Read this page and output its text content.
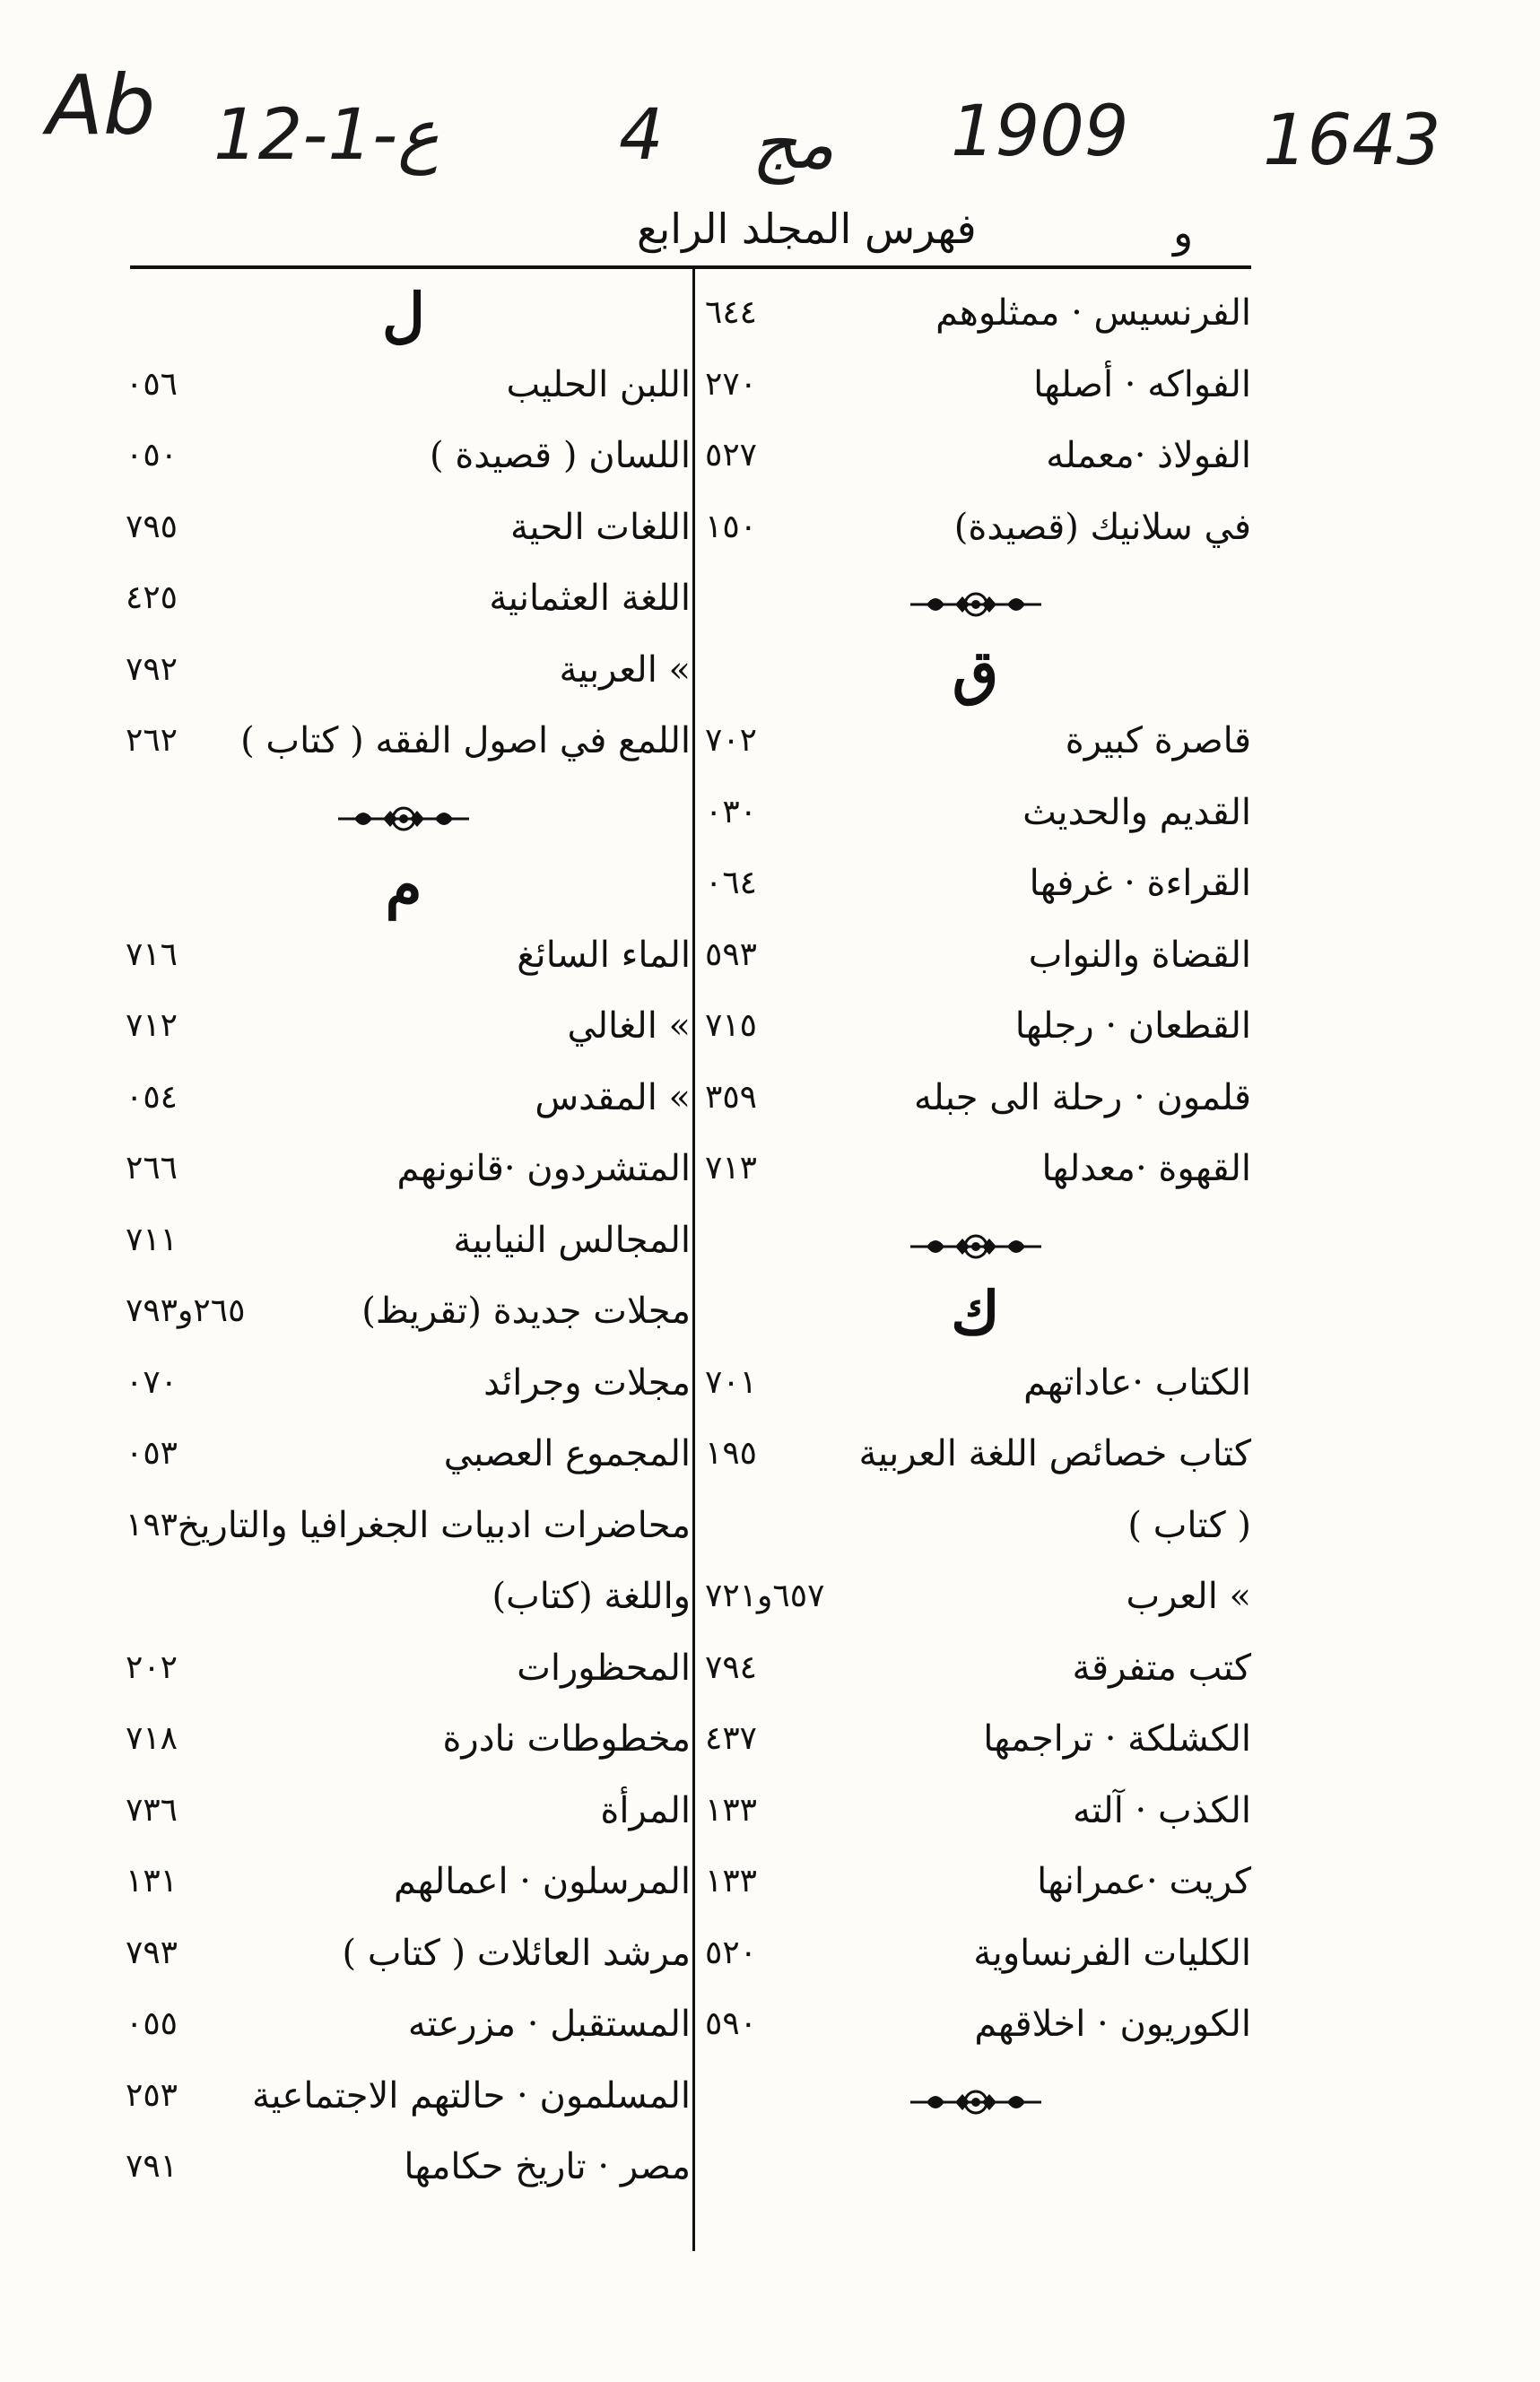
Ab 12-1-ع	4 مج 1909 1643
فهرس المجلد الرابع	و
الفرنسيس · ممثلوهم
٦٤٤
الفواكه · أصلها
٢٧٠
الفولاذ ·معمله
٥٢٧
في سلانيك (قصيدة)
١٥٠
ق
قاصرة كبيرة
٧٠٢
القديم والحديث
٠٣٠
القراءة · غرفها
٠٦٤
القضاة والنواب
٥٩٣
القطعان · رجلها
٧١٥
قلمون · رحلة الى جبله
٣٥٩
القهوة ·معدلها
٧١٣
ك
الكتاب ·عاداتهم
٧٠١
كتاب خصائص اللغة العربية
١٩٥
( كتاب )
» العرب
٦٥٧و٧٢١
كتب متفرقة
٧٩٤
الكشلكة · تراجمها
٤٣٧
الكذب · آلته
١٣٣
كريت ·عمرانها
١٣٣
الكليات الفرنساوية
٥٢٠
الكوريون · اخلاقهم
٥٩٠
ل
اللبن الحليب
٠٥٦
اللسان ( قصيدة )
٠٥٠
اللغات الحية
٧٩٥
اللغة العثمانية
٤٢٥
» العربية
٧٩٢
اللمع في اصول الفقه ( كتاب )
٢٦٢
م
الماء السائغ
٧١٦
» الغالي
٧١٢
» المقدس
٠٥٤
المتشردون ·قانونهم
٢٦٦
المجالس النيابية
٧١١
مجلات جديدة (تقريظ)
٢٦٥و٧٩٣
مجلات وجرائد
٠٧٠
المجموع العصبي
٠٥٣
محاضرات ادبيات الجغرافيا والتاريخ
١٩٣
واللغة (كتاب)
المحظورات
٢٠٢
مخطوطات نادرة
٧١٨
المرأة
٧٣٦
المرسلون · اعمالهم
١٣١
مرشد العائلات ( كتاب )
٧٩٣
المستقبل · مزرعته
٠٥٥
المسلمون · حالتهم الاجتماعية
٢٥٣
مصر · تاريخ حكامها
٧٩١
